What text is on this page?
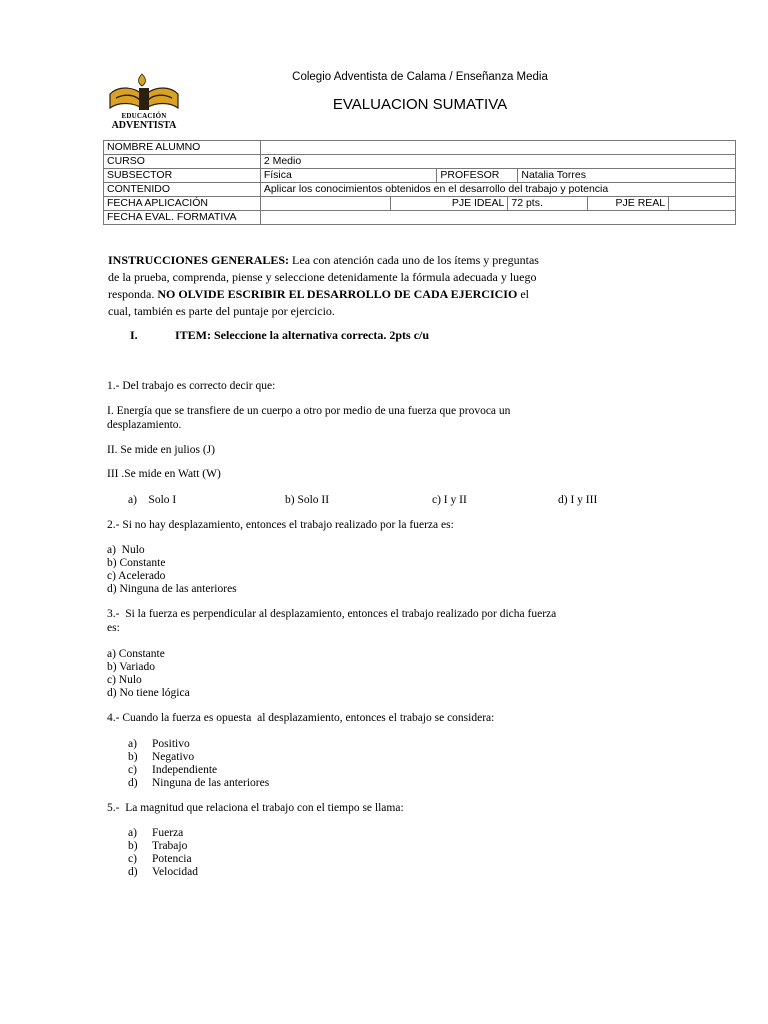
EDUCACIÓN
ADVENTISTA
Colegio Adventista de Calama / Enseñanza Media
EVALUACION SUMATIVA
NOMBRE ALUMNO							
CURSO	2 Medio						
SUBSECTOR	Física		PROFESOR		Natalia Torres		
CONTENIDO	Aplicar los conocimientos obtenidos en el desarrollo del trabajo y potencia						
FECHA APLICACIÓN		PJE IDEAL		72 pts.		PJE REAL	
FECHA EVAL. FORMATIVA							
INSTRUCCIONES GENERALES: Lea con atención cada uno de los ítems y preguntas
de la prueba, comprenda, piense y seleccione detenidamente la fórmula adecuada y luego
responda. NO OLVIDE ESCRIBIR EL DESARROLLO DE CADA EJERCICIO el
cual, también es parte del puntaje por ejercicio.
I.	ITEM: Seleccione la alternativa correcta. 2pts c/u
1.- Del trabajo es correcto decir que:
I. Energía que se transfiere de un cuerpo a otro por medio de una fuerza que provoca un
desplazamiento.
II. Se mide en julios (J)
III .Se mide en Watt (W)
a)    Solo I	b) Solo II	c) I y II	d) I y III
2.- Si no hay desplazamiento, entonces el trabajo realizado por la fuerza es:
a)  Nulo
b) Constante
c) Acelerado
d) Ninguna de las anteriores
3.-  Si la fuerza es perpendicular al desplazamiento, entonces el trabajo realizado por dicha fuerza
es:
a) Constante
b) Variado
c) Nulo
d) No tiene lógica
4.- Cuando la fuerza es opuesta  al desplazamiento, entonces el trabajo se considera:
a) Positivo
b) Negativo
c) Independiente
d) Ninguna de las anteriores
5.-  La magnitud que relaciona el trabajo con el tiempo se llama:
a) Fuerza
b) Trabajo
c) Potencia
d) Velocidad
